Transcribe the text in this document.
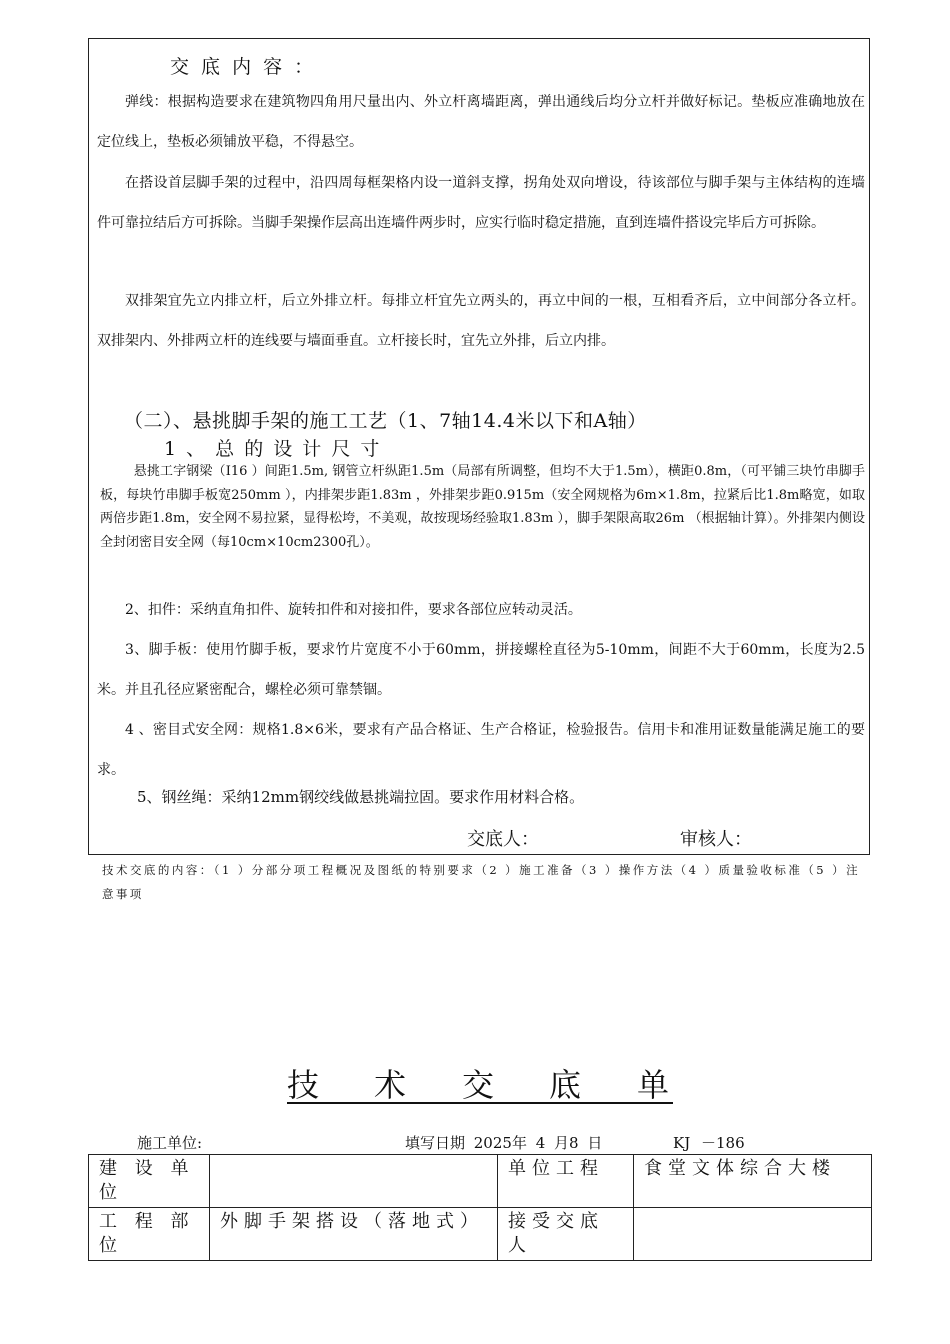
交 底 内 容 ：
弹线：根据构造要求在建筑物四角用尺量出内、外立杆离墙距离，弹出通线后均分立杆并做好标记。垫板应准确地放在定位线上，垫板必须铺放平稳，不得悬空。
在搭设首层脚手架的过程中，沿四周每框架格内设一道斜支撑，拐角处双向增设，待该部位与脚手架与主体结构的连墙件可靠拉结后方可拆除。当脚手架操作层高出连墙件两步时，应实行临时稳定措施，直到连墙件搭设完毕后方可拆除。
双排架宜先立内排立杆，后立外排立杆。每排立杆宜先立两头的，再立中间的一根，互相看齐后，立中间部分各立杆。双排架内、外排两立杆的连线要与墙面垂直。立杆接长时，宜先立外排，后立内排。
（二）、悬挑脚手架的施工工艺（1、7轴14.4米以下和A轴）
1 、 总 的 设 计 尺 寸
悬挑工字钢梁（I16 ）间距1.5m, 钢管立杆纵距1.5m（局部有所调整，但均不大于1.5m），横距0.8m，（可平铺三块竹串脚手板，每块竹串脚手板宽250mm ），内排架步距1.83m ，外排架步距0.915m（安全网规格为6m×1.8m，拉紧后比1.8m略宽，如取两倍步距1.8m，安全网不易拉紧，显得松垮，不美观，故按现场经验取1.83m ），脚手架限高取26m （根据轴计算）。外排架内侧设全封闭密目安全网（每10cm×10cm2300孔）。
2、扣件：采纳直角扣件、旋转扣件和对接扣件，要求各部位应转动灵活。
3、脚手板：使用竹脚手板，要求竹片宽度不小于60mm，拼接螺栓直径为5-10mm，间距不大于60mm，长度为2.5米。并且孔径应紧密配合，螺栓必须可靠禁锢。
4 、密目式安全网：规格1.8×6米，要求有产品合格证、生产合格证，检验报告。信用卡和准用证数量能满足施工的要求。
5、钢丝绳：采纳12mm钢绞线做悬挑端拉固。要求作用材料合格。
交底人：	审核人：
技术交底的内容：（1 ）分部分项工程概况及图纸的特别要求（2 ）施工准备（3 ）操作方法（4 ）质量验收标准（5 ）注意事项
技 术 交 底 单
施工单位:	填写日期 2025年 4 月8 日	KJ －186
建 设 单位		单位工程	食堂文体综合大楼
工 程 部位	外脚手架搭设（落地式）	接受交底人	
